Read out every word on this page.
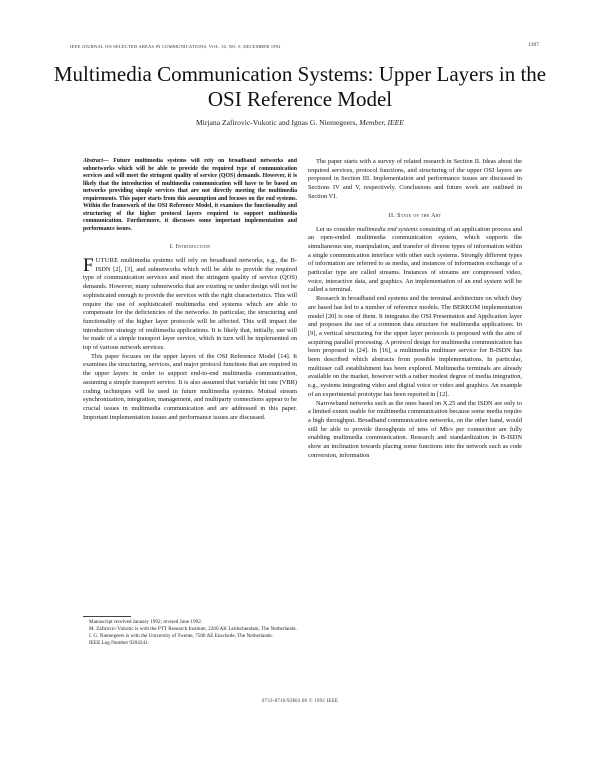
IEEE JOURNAL ON SELECTED AREAS IN COMMUNICATIONS, VOL. 10, NO. 9, DECEMBER 1992	1397
Multimedia Communication Systems: Upper Layers in the OSI Reference Model
Mirjana Zafirovic-Vukotic and Ignas G. Niemegeers, Member, IEEE

Abstract— Future multimedia systems will rely on broadband networks and subnetworks which will be able to provide the required type of communication services and will meet the stringent quality of service (QOS) demands. However, it is likely that the introduction of multimedia communication will have to be based on networks providing simple services that are not directly meeting the multimedia requirements. This paper starts from this assumption and focuses on the end systems. Within the framework of the OSI Reference Model, it examines the functionality and structuring of the higher protocol layers required to support multimedia communication. Furthermore, it discusses some important implementation and performance issues.

I. Introduction

F UTURE multimedia systems will rely on broadband networks, e.g., the B-ISDN [2], [3], and subnetworks which will be able to provide the required type of communication services and meet the stringent quality of service (QOS) demands. However, many subnetworks that are existing or under design will not be sophisticated enough to provide the services with the right characteristics. This will require the use of sophisticated multimedia end systems which are able to compensate for the deficiencies of the networks. In particular, the structuring and functionality of the higher layer protocols will be affected. This will impact the introduction strategy of multimedia applications. It is likely that, initially, use will be made of a simple transport layer service, which in turn will be implemented on top of various network services.

This paper focuses on the upper layers of the OSI Reference Model [14]. It examines the structuring, services, and major protocol functions that are required in the upper layers in order to support end-to-end multimedia communication, assuming a simple transport service. It is also assumed that variable bit rate (VBR) coding techniques will be used in future multimedia systems. Mutual stream synchronization, integration, management, and multiparty connections appear to be crucial issues in multimedia communication and are addressed in this paper. Important implementation issues and performance issues are discussed.

Manuscript received January 1992; revised June 1992.

M. Zafirovic-Vukotic is with the PTT Research Institute, 2260 AK Leidschendam, The Netherlands.

I. G. Niemegeers is with the University of Twente, 7500 AE Enschede, The Netherlands.

IEEE Log Number 9204241.

The paper starts with a survey of related research in Section II. Ideas about the required services, protocol functions, and structuring of the upper OSI layers are proposed in Section III. Implementation and performance issues are discussed in Sections IV and V, respectively. Conclusions and future work are outlined in Section VI.

II. State of the Art

Let us consider multimedia end systems consisting of an application process and an open-ended multimedia communication system, which supports the simultaneous use, manipulation, and transfer of diverse types of information within a single communication interface with other such systems. Strongly different types of information are referred to as media, and instances of information exchange of a particular type are called streams. Instances of streams are compressed video, voice, interactive data, and graphics. An implementation of an end system will be called a terminal.

Research in broadband end systems and the terminal architecture on which they are based has led to a number of reference models. The BERKOM implementation model [20] is one of them. It integrates the OSI Presentation and Application layer and proposes the use of a common data structure for multimedia applications. In [9], a vertical structuring for the upper layer protocols is proposed with the aim of acquiring parallel processing. A protocol design for multimedia communication has been proposed in [24]. In [16], a multimedia multiuser service for B-ISDN has been described which abstracts from possible implementations. In particular, multiuser call establishment has been explored. Multimedia terminals are already available on the market, however with a rather modest degree of media integration, e.g., systems integrating video and digital voice or video and graphics. An example of an experimental prototype has been reported in [12].

Narrowband networks such as the ones based on X.25 and the ISDN are only to a limited extent usable for multimedia communication because some media require a high throughput. Broadband communication networks, on the other hand, would still be able to provide throughputs of tens of Mb/s per connection are fully enabling multimedia communication. Research and standardization in B-ISDN show an inclination towards placing some functions into the network such as code conversion, information

0733-8716/92$03.00 © 1992 IEEE
